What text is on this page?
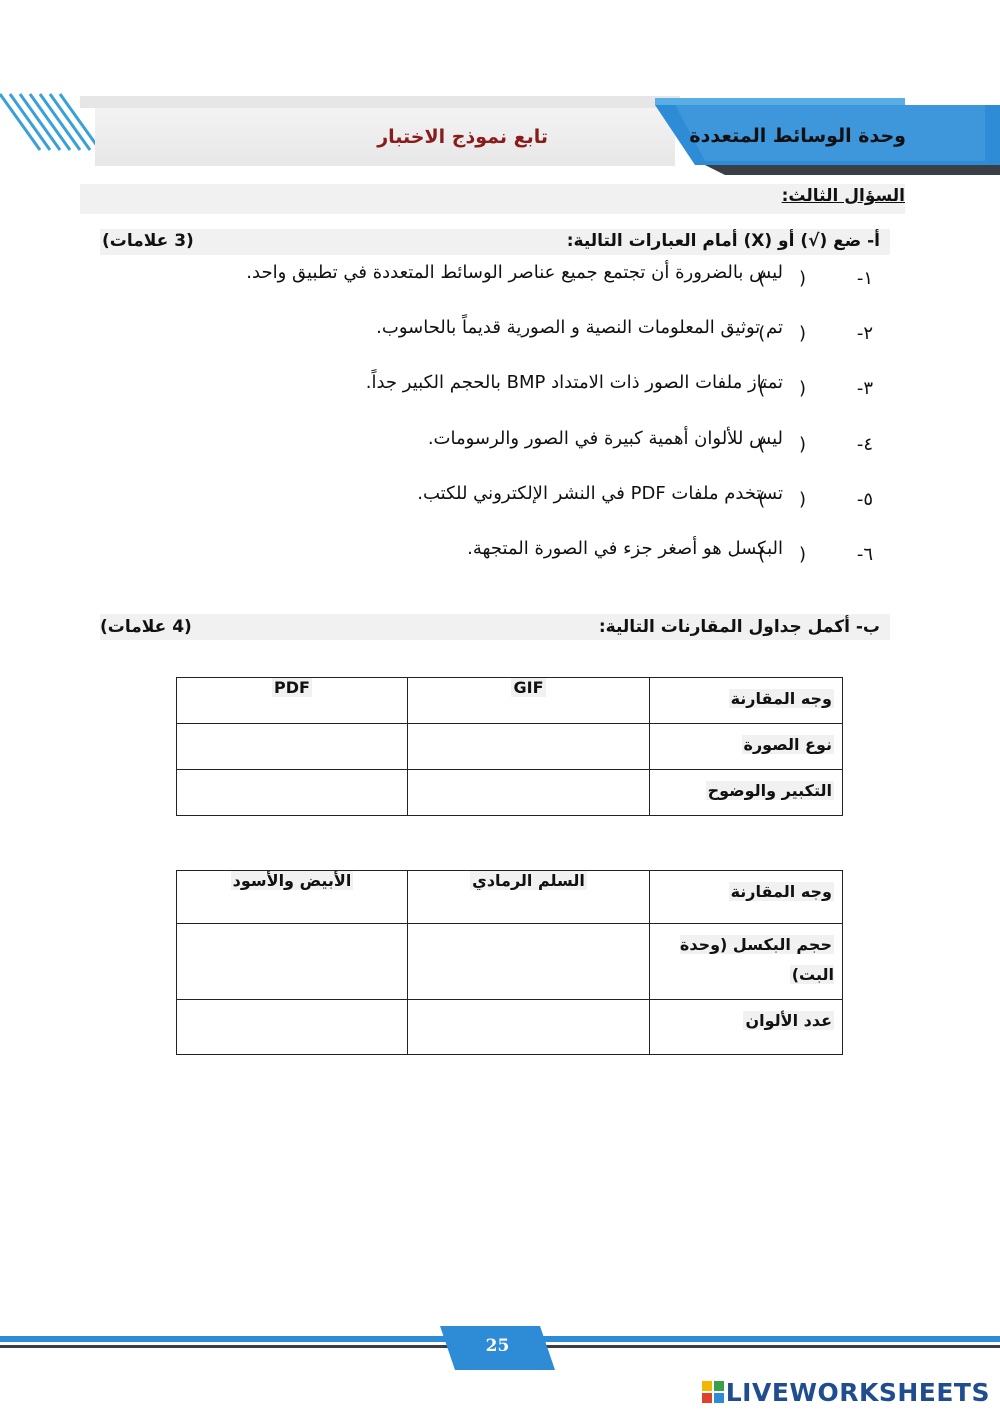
تابع نموذج الاختبار	وحدة الوسائط المتعددة
السؤال الثالث:
أ- ضع (√) أو (X) أمام العبارات التالية:
(3 علامات)
١-
( )
ليس بالضرورة أن تجتمع جميع عناصر الوسائط المتعددة في تطبيق واحد.
٢-
( )
تم توثيق المعلومات النصية و الصورية قديماً بالحاسوب.
٣-
( )
تمتاز ملفات الصور ذات الامتداد BMP بالحجم الكبير جداً.
٤-
( )
ليس للألوان أهمية كبيرة في الصور والرسومات.
٥-
( )
تستخدم ملفات PDF في النشر الإلكتروني للكتب.
٦-
( )
البكسل هو أصغر جزء في الصورة المتجهة.
ب- أكمل جداول المقارنات التالية:
(4 علامات)
وجه المقارنة	GIF	PDF
نوع الصورة		
التكبير والوضوح		
وجه المقارنة	السلم الرمادي	الأبيض والأسود
حجم البكسل (وحدة البت)		
عدد الألوان		
25
LIVEWORKSHEETS
